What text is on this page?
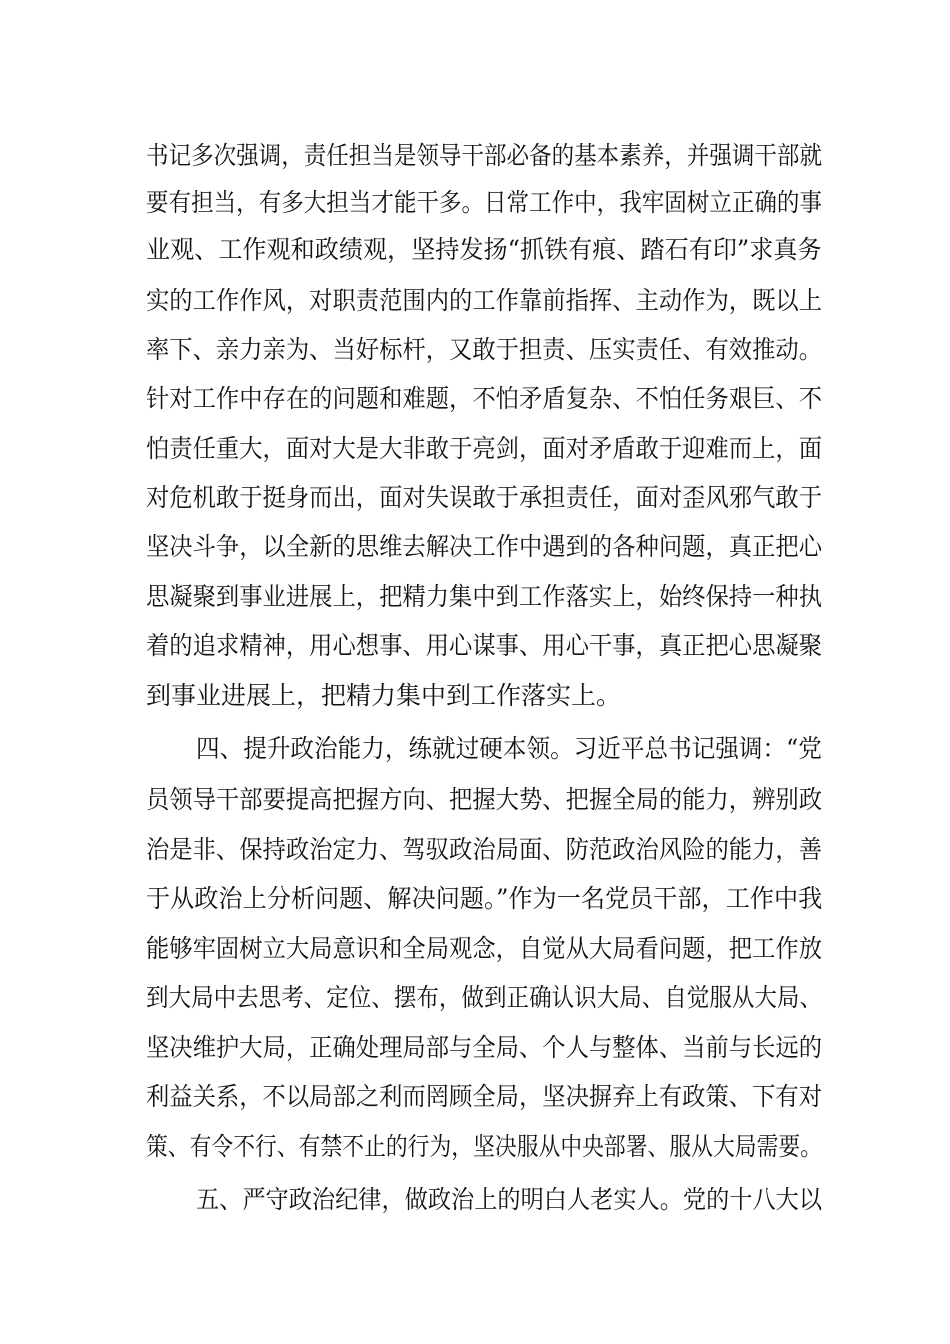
书记多次强调，责任担当是领导干部必备的基本素养，并强调干部就
要有担当，有多大担当才能干多。日常工作中，我牢固树立正确的事
业观、工作观和政绩观，坚持发扬“抓铁有痕、踏石有印”求真务
实的工作作风，对职责范围内的工作靠前指挥、主动作为，既以上
率下、亲力亲为、当好标杆，又敢于担责、压实责任、有效推动。
针对工作中存在的问题和难题，不怕矛盾复杂、不怕任务艰巨、不
怕责任重大，面对大是大非敢于亮剑，面对矛盾敢于迎难而上，面
对危机敢于挺身而出，面对失误敢于承担责任，面对歪风邪气敢于
坚决斗争，以全新的思维去解决工作中遇到的各种问题，真正把心
思凝聚到事业进展上，把精力集中到工作落实上，始终保持一种执
着的追求精神，用心想事、用心谋事、用心干事，真正把心思凝聚
到事业进展上，把精力集中到工作落实上。
四、提升政治能力，练就过硬本领。习近平总书记强调：“党
员领导干部要提高把握方向、把握大势、把握全局的能力，辨别政
治是非、保持政治定力、驾驭政治局面、防范政治风险的能力，善
于从政治上分析问题、解决问题。”作为一名党员干部，工作中我
能够牢固树立大局意识和全局观念，自觉从大局看问题，把工作放
到大局中去思考、定位、摆布，做到正确认识大局、自觉服从大局、
坚决维护大局，正确处理局部与全局、个人与整体、当前与长远的
利益关系，不以局部之利而罔顾全局，坚决摒弃上有政策、下有对
策、有令不行、有禁不止的行为，坚决服从中央部署、服从大局需要。
五、严守政治纪律，做政治上的明白人老实人。党的十八大以
